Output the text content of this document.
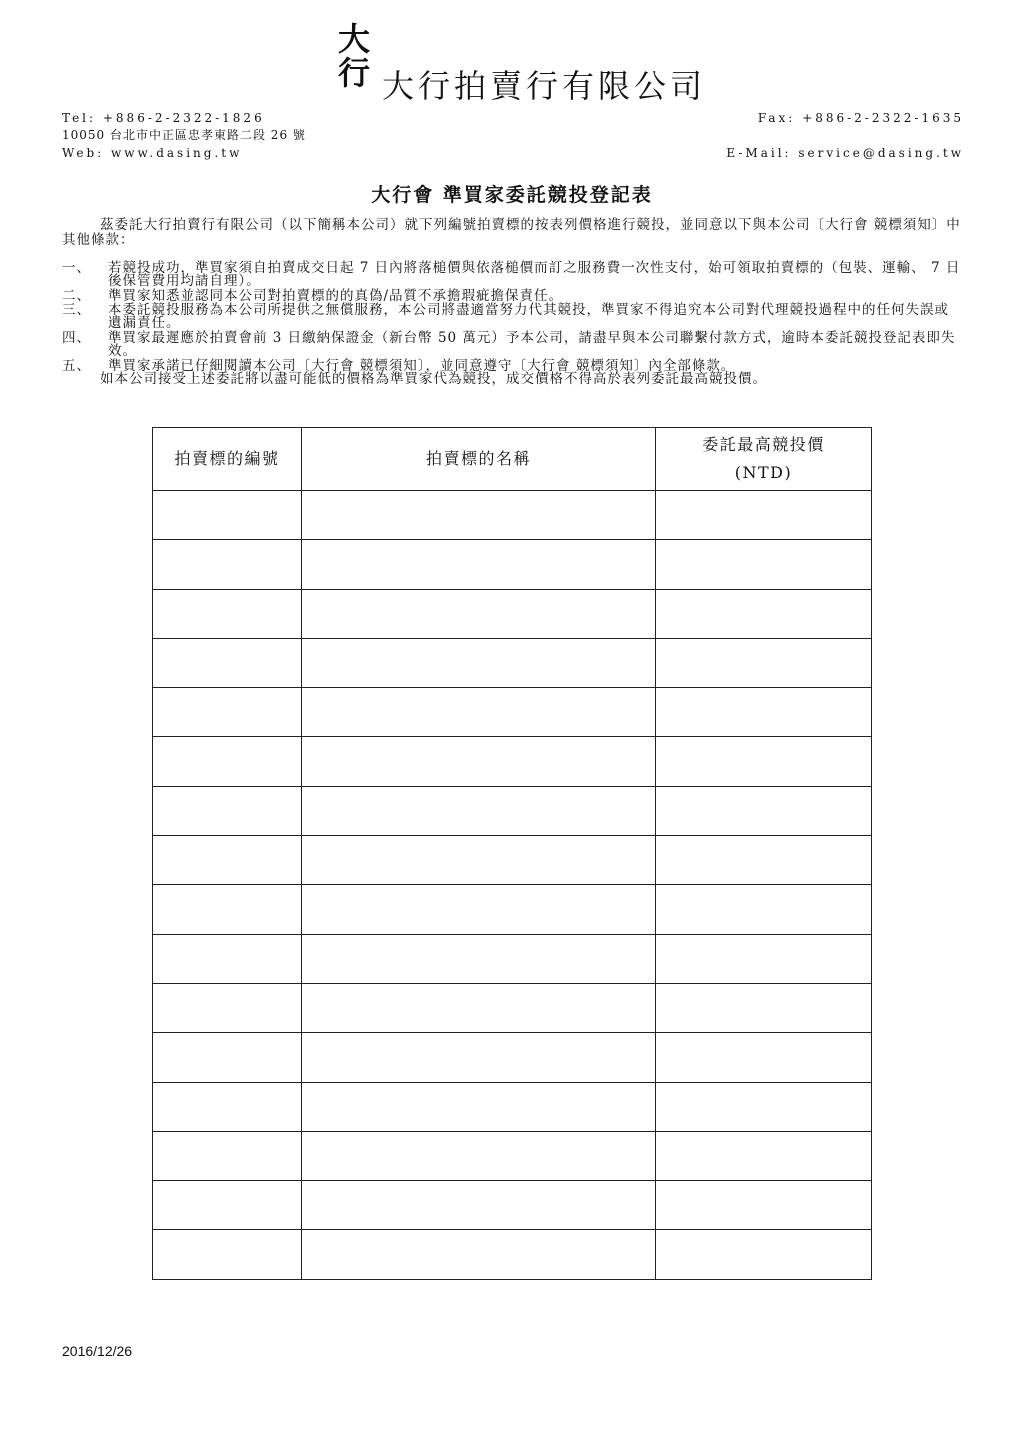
大行 大行拍賣行有限公司
Tel: +886-2-2322-1826	Fax: +886-2-2322-1635
10050 台北市中正區忠孝東路二段 26 號
Web: www.dasing.tw	E-Mail: service@dasing.tw
大行會 準買家委託競投登記表

茲委託大行拍賣行有限公司（以下簡稱本公司）就下列編號拍賣標的按表列價格進行競投，並同意以下與本公司〔大行會 競標須知〕中其他條款：

一、	若競投成功，準買家須自拍賣成交日起 7 日內將落槌價與依落槌價而訂之服務費一次性支付，始可領取拍賣標的（包裝、運輸、 7 日後保管費用均請自理）。
二、	準買家知悉並認同本公司對拍賣標的的真偽/品質不承擔瑕疵擔保責任。
三、	本委託競投服務為本公司所提供之無償服務，本公司將盡適當努力代其競投，準買家不得追究本公司對代理競投過程中的任何失誤或遺漏責任。
四、	準買家最遲應於拍賣會前 3 日繳納保證金（新台幣 50 萬元）予本公司，請盡早與本公司聯繫付款方式，逾時本委託競投登記表即失效。
五、	準買家承諾已仔細閱讀本公司〔大行會 競標須知〕，並同意遵守〔大行會 競標須知〕內全部條款。
如本公司接受上述委託將以盡可能低的價格為準買家代為競投，成交價格不得高於表列委託最高競投價。
拍賣標的編號	拍賣標的名稱	委託最高競投價
(NTD)

2016/12/26
